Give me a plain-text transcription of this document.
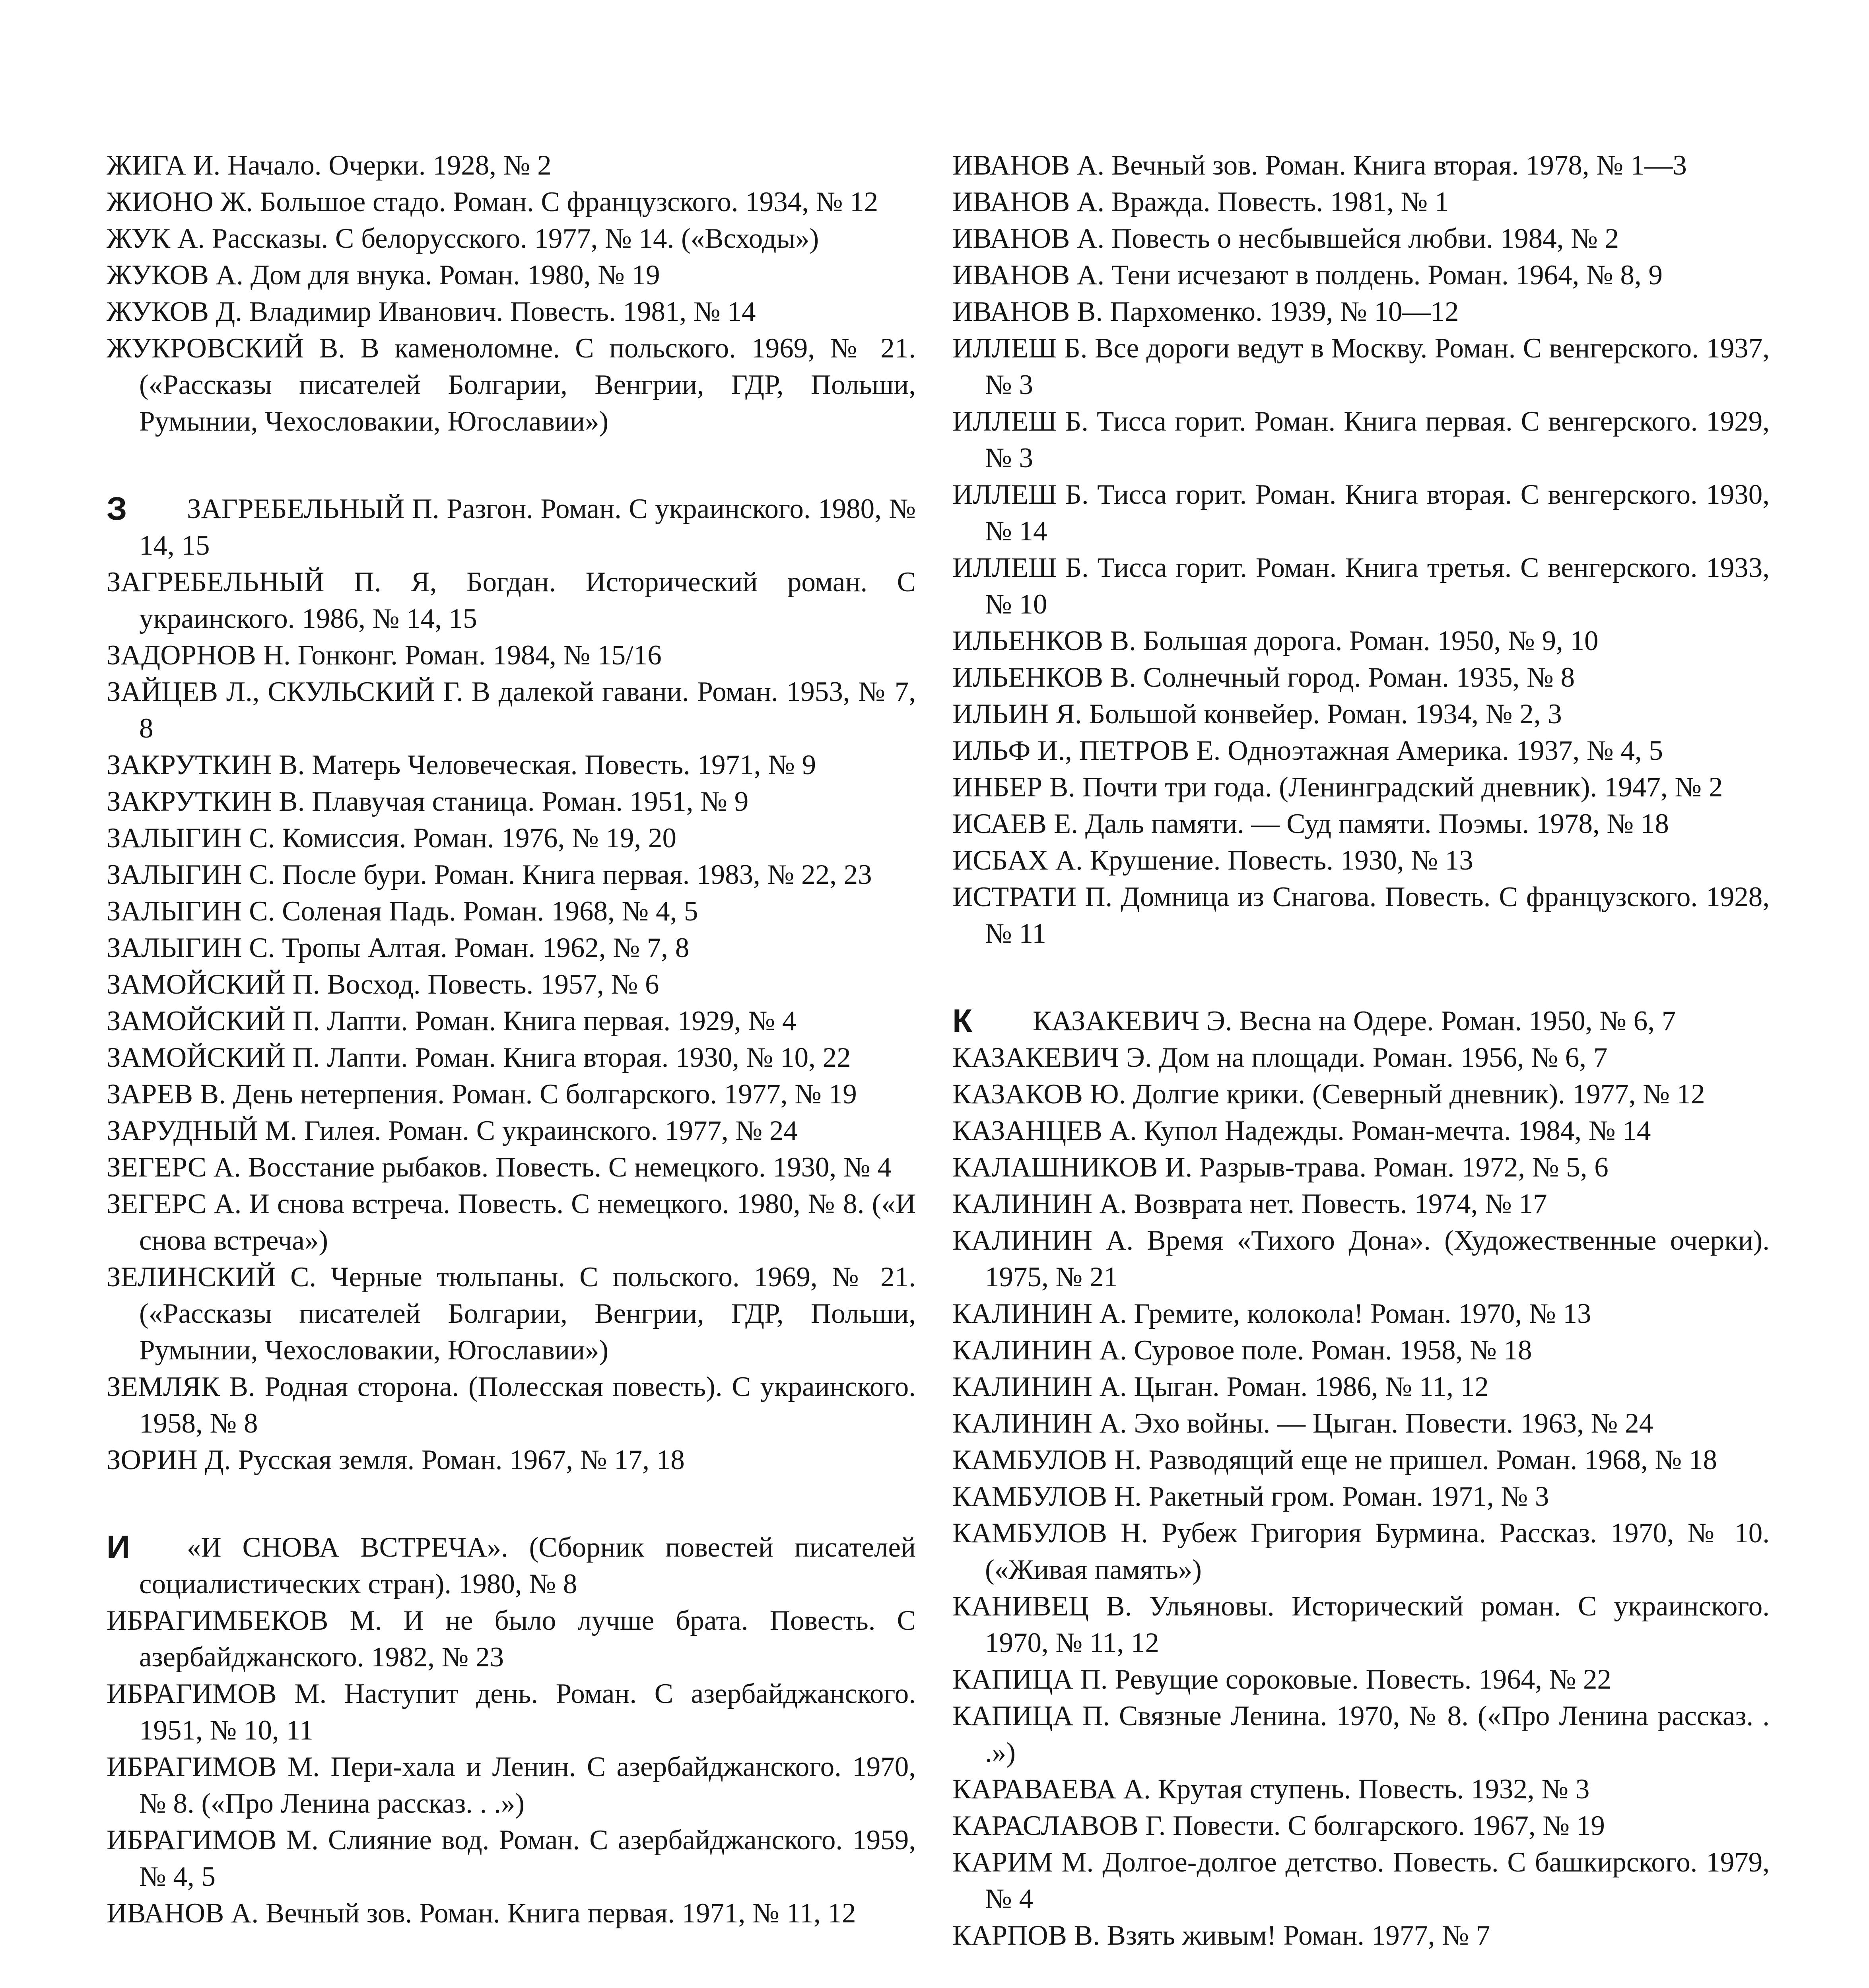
ЖИГА И. Начало. Очерки. 1928, № 2
ЖИОНО Ж. Большое стадо. Роман. С французского. 1934, № 12
ЖУК А. Рассказы. С белорусского. 1977, № 14. («Всходы»)
ЖУКОВ А. Дом для внука. Роман. 1980, № 19
ЖУКОВ Д. Владимир Иванович. Повесть. 1981, № 14
ЖУКРОВСКИЙ В. В каменоломне. С польского. 1969, № 21. («Рассказы писателей Болгарии, Венгрии, ГДР, Польши, Румынии, Чехословакии, Югославии»)
З	ЗАГРЕБЕЛЬНЫЙ П. Разгон. Роман. С украинского. 1980, № 14, 15
ЗАГРЕБЕЛЬНЫЙ П. Я, Богдан. Исторический роман. С украинского. 1986, № 14, 15
ЗАДОРНОВ Н. Гонконг. Роман. 1984, № 15/16
ЗАЙЦЕВ Л., СКУЛЬСКИЙ Г. В далекой гавани. Роман. 1953, № 7, 8
ЗАКРУТКИН В. Матерь Человеческая. Повесть. 1971, № 9
ЗАКРУТКИН В. Плавучая станица. Роман. 1951, № 9
ЗАЛЫГИН С. Комиссия. Роман. 1976, № 19, 20
ЗАЛЫГИН С. После бури. Роман. Книга первая. 1983, № 22, 23
ЗАЛЫГИН С. Соленая Падь. Роман. 1968, № 4, 5
ЗАЛЫГИН С. Тропы Алтая. Роман. 1962, № 7, 8
ЗАМОЙСКИЙ П. Восход. Повесть. 1957, № 6
ЗАМОЙСКИЙ П. Лапти. Роман. Книга первая. 1929, № 4
ЗАМОЙСКИЙ П. Лапти. Роман. Книга вторая. 1930, № 10, 22
ЗАРЕВ В. День нетерпения. Роман. С болгарского. 1977, № 19
ЗАРУДНЫЙ М. Гилея. Роман. С украинского. 1977, № 24
ЗЕГЕРС А. Восстание рыбаков. Повесть. С немецкого. 1930, № 4
ЗЕГЕРС А. И снова встреча. Повесть. С немецкого. 1980, № 8. («И снова встреча»)
ЗЕЛИНСКИЙ С. Черные тюльпаны. С польского. 1969, № 21. («Рассказы писателей Болгарии, Венгрии, ГДР, Польши, Румынии, Чехословакии, Югославии»)
ЗЕМЛЯК В. Родная сторона. (Полесская повесть). С украинского. 1958, № 8
ЗОРИН Д. Русская земля. Роман. 1967, № 17, 18
И	«И СНОВА ВСТРЕЧА». (Сборник повестей писателей социалистических стран). 1980, № 8
ИБРАГИМБЕКОВ М. И не было лучше брата. Повесть. С азербайджанского. 1982, № 23
ИБРАГИМОВ М. Наступит день. Роман. С азербайджанского. 1951, № 10, 11
ИБРАГИМОВ М. Пери-хала и Ленин. С азербайджанского. 1970, № 8. («Про Ленина рассказ. . .»)
ИБРАГИМОВ М. Слияние вод. Роман. С азербайджанского. 1959, № 4, 5
ИВАНОВ А. Вечный зов. Роман. Книга первая. 1971, № 11, 12
ИВАНОВ А. Вечный зов. Роман. Книга вторая. 1978, № 1—3
ИВАНОВ А. Вражда. Повесть. 1981, № 1
ИВАНОВ А. Повесть о несбывшейся любви. 1984, № 2
ИВАНОВ А. Тени исчезают в полдень. Роман. 1964, № 8, 9
ИВАНОВ В. Пархоменко. 1939, № 10—12
ИЛЛЕШ Б. Все дороги ведут в Москву. Роман. С венгерского. 1937, № 3
ИЛЛЕШ Б. Тисса горит. Роман. Книга первая. С венгерского. 1929, № 3
ИЛЛЕШ Б. Тисса горит. Роман. Книга вторая. С венгерского. 1930, № 14
ИЛЛЕШ Б. Тисса горит. Роман. Книга третья. С венгерского. 1933, № 10
ИЛЬЕНКОВ В. Большая дорога. Роман. 1950, № 9, 10
ИЛЬЕНКОВ В. Солнечный город. Роман. 1935, № 8
ИЛЬИН Я. Большой конвейер. Роман. 1934, № 2, 3
ИЛЬФ И., ПЕТРОВ Е. Одноэтажная Америка. 1937, № 4, 5
ИНБЕР В. Почти три года. (Ленинградский дневник). 1947, № 2
ИСАЕВ Е. Даль памяти. — Суд памяти. Поэмы. 1978, № 18
ИСБАХ А. Крушение. Повесть. 1930, № 13
ИСТРАТИ П. Домница из Снагова. Повесть. С французского. 1928, № 11
К	КАЗАКЕВИЧ Э. Весна на Одере. Роман. 1950, № 6, 7
КАЗАКЕВИЧ Э. Дом на площади. Роман. 1956, № 6, 7
КАЗАКОВ Ю. Долгие крики. (Северный дневник). 1977, № 12
КАЗАНЦЕВ А. Купол Надежды. Роман-мечта. 1984, № 14
КАЛАШНИКОВ И. Разрыв-трава. Роман. 1972, № 5, 6
КАЛИНИН А. Возврата нет. Повесть. 1974, № 17
КАЛИНИН А. Время «Тихого Дона». (Художественные очерки). 1975, № 21
КАЛИНИН А. Гремите, колокола! Роман. 1970, № 13
КАЛИНИН А. Суровое поле. Роман. 1958, № 18
КАЛИНИН А. Цыган. Роман. 1986, № 11, 12
КАЛИНИН А. Эхо войны. — Цыган. Повести. 1963, № 24
КАМБУЛОВ Н. Разводящий еще не пришел. Роман. 1968, № 18
КАМБУЛОВ Н. Ракетный гром. Роман. 1971, № 3
КАМБУЛОВ Н. Рубеж Григория Бурмина. Рассказ. 1970, № 10. («Живая память»)
КАНИВЕЦ В. Ульяновы. Исторический роман. С украинского. 1970, № 11, 12
КАПИЦА П. Ревущие сороковые. Повесть. 1964, № 22
КАПИЦА П. Связные Ленина. 1970, № 8. («Про Ленина рассказ. . .»)
КАРАВАЕВА А. Крутая ступень. Повесть. 1932, № 3
КАРАСЛАВОВ Г. Повести. С болгарского. 1967, № 19
КАРИМ М. Долгое-долгое детство. Повесть. С башкирского. 1979, № 4
КАРПОВ В. Взять живым! Роман. 1977, № 7
